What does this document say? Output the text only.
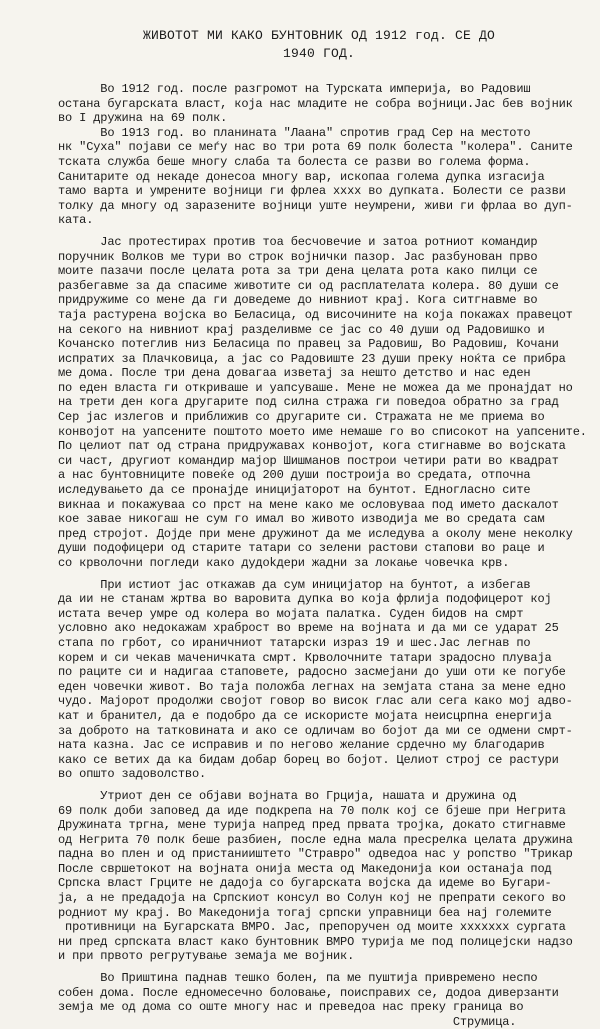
ЖИВОТОТ МИ КАКО БУНТОВНИК ОД 1912 год. СЕ ДО
1940 ГОД.
Во 1912 год. после разгромот на Турската империја, во Радовиш
остана бугарската власт, која нас младите не собра војници.Јас бев војник
во I дружина на 69 полк.
Во 1913 год. во планината "Лаана" спротив град Сер на местото
нк "Суха" појави се меѓу нас во три рота 69 полк болеста "колера". Саните
тската служба беше многу слаба та болеста се разви во голема форма.
Санитарите од некаде донесоа многу вар, ископаа голема дупка изгасија
тамо варта и умрените војници ги фрлеа хххх во дупката. Болести се разви
толку да многу од заразените војници уште неумрени, живи ги фрлаа во дуп-
ката.
Јас протестирах против тоа бесчовечие и затоа ротниот командир
поручник Волков ме тури во строк војнички пазор. Јас разбунован прво
моите пазачи после целата рота за три дена целата рота како пилци се
разбегавме за да спасиме животите си од расплателата колера. 80 души се
придружиме со мене да ги доведеме до нивниот крај. Кога ситгнавме во
таја растурена војска во Беласица, од височините на која покажах правецот
на секого на нивниот крај разделивме се јас со 40 души од Радовишко и
Кочанско потеглив низ Беласица по правец за Радовиш, Во Радовиш, Кочани
испратих за Плачковица, а јас со Радовиште 23 души преку ноќта се прибра
ме дома. После три дена довагаа изветај за нешто детство и нас еден
по еден власта ги откриваше и уапсуваше. Мене не можеа да ме пронајдат но
на трети ден кога другарите под силна стража ги поведоа обратно за град
Сер јас излегов и приближив со другарите си. Стражата не ме приема во
конвојот на уапсените поштото моето име немаше го во списокот на уапсените.
По целиот пат од страна придружавах конвојот, кога стигнавме во војската
си част, другиот командир мајор Шишманов построи четири рати во квадрат
а нас бунтовниците повеќе од 200 души построија во средата, отпочна
иследувањето да се пронајде инициjаторот на бунтот. Едногласно сите
викнаа и покажуваа со прст на мене како ме ословуваа под името даскалот
кое заваe никогаш не сум го имал во живото изводија ме во средата сам
пред стројот. Дојде при мене дружинот да ме иследува а околу мене неколку
души подофицери од старите татари со зелени растови стапови во раце и
со крволочни погледи како дудоkдери жадни за локање човечка крв.
При истиот јас откажав да сум иницијатор на бунтот, а избегав
да ии не станам жртва во варовита дупка во која фрлија подофицерот кој
истата вечер умре од колера во мојата палатка. Суден бидов на смрт
условно ако недокажам храброст во време на војната и да ми се ударат 25
стапа по грбот, со ираничниот татарски израз 19 и шес.Јас легнав по
корем и си чекав маченичката смрт. Крволочните татари зрадосно плуваја
по раците си и надигаа стаповете, радосно засмејани до уши оти ке погубе
еден човечки живот. Во таја положба легнах на земјата стана за мене едно
чудо. Мајорот продолжи својот говор во висок глас али сега како мој адво-
кат и бранител, да е подобро да се искористе мојата неисцрпна енергија
за доброто на татковината и ако се одличам во бојот да ми се одмени смрт-
ната казна. Јас се исправив и по негово желание срдечно му благодарив
како се ветих да ка бидам добар борец во бојот. Целиот строј се растури
во општо задоволство.
Утриот ден се објави војната во Грција, нашата и дружина од
69 полк доби заповед да иде подкрепа на 70 полк кој се бјеше при Негрита
Дружината тргна, мене турија напред пред првата тројка, докато стигнавме
од Негрита 70 полк беше разбиен, после една мала пресрелка целата дружина
падна во плен и од пристанииштето "Стравро" одведоа нас у ропство "Трикар
После свршетокот на војната онија места од Македонија кои останаја под
Српска власт Грците не дадоја со бугарската војска да идеме во Бугари-
ја, а не предадоја на Српскиот консул во Солун кој не препрати секого во
родниот му крај. Во Македонија тогај српски управници беа нај големите
противници на Бугарската ВМРО. Јас, препоручен од моите ххххххх сургата
ни пред српската власт како бунтовник ВМРО турија ме под полицејски надзо
и при првото регрутување земаја ме војник.
Во Приштина паднав тешко болен, па ме пуштија привремено неспо
собен дома. После едномесечно боловање, поисправих се, додоа диверзанти
земја ме од дома со оште многу нас и преведоа нас преку граница во
Струмица.
